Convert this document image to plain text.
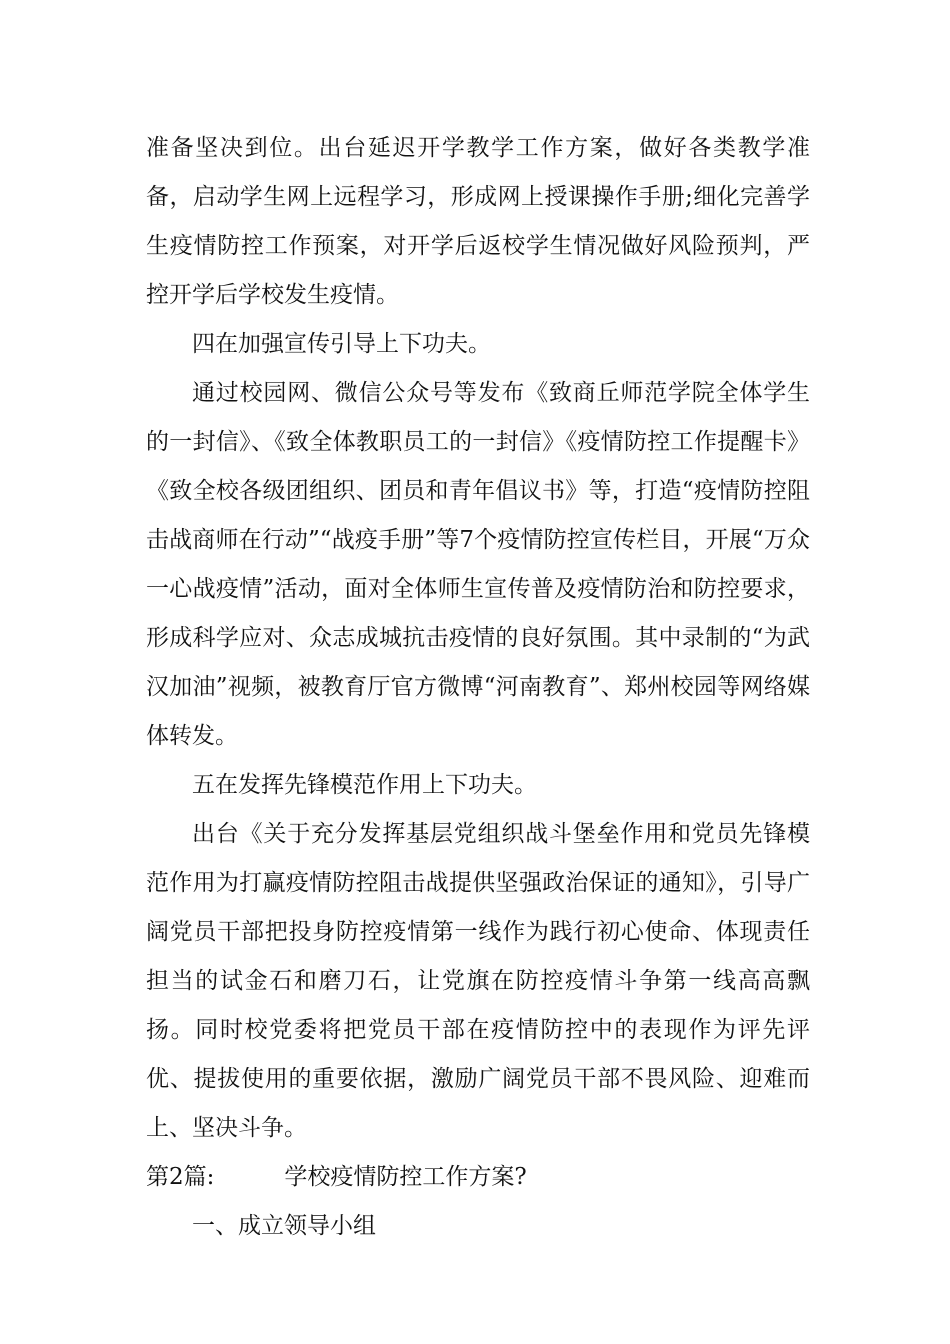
准备坚决到位。出台延迟开学教学工作方案，做好各类教学准备，启动学生网上远程学习，形成网上授课操作手册;细化完善学生疫情防控工作预案，对开学后返校学生情况做好风险预判，严控开学后学校发生疫情。

四在加强宣传引导上下功夫。

通过校园网、微信公众号等发布《致商丘师范学院全体学生的一封信》、《致全体教职员工的一封信》《疫情防控工作提醒卡》《致全校各级团组织、团员和青年倡议书》等，打造“疫情防控阻击战商师在行动”“战疫手册”等7个疫情防控宣传栏目，开展“万众一心战疫情”活动，面对全体师生宣传普及疫情防治和防控要求，形成科学应对、众志成城抗击疫情的良好氛围。其中录制的“为武汉加油”视频，被教育厅官方微博“河南教育”、郑州校园等网络媒体转发。

五在发挥先锋模范作用上下功夫。

出台《关于充分发挥基层党组织战斗堡垒作用和党员先锋模范作用为打赢疫情防控阻击战提供坚强政治保证的通知》，引导广阔党员干部把投身防控疫情第一线作为践行初心使命、体现责任担当的试金石和磨刀石，让党旗在防控疫情斗争第一线高高飘扬。同时校党委将把党员干部在疫情防控中的表现作为评先评优、提拔使用的重要依据，激励广阔党员干部不畏风险、迎难而上、坚决斗争。

第2篇:	学校疫情防控工作方案?

一、成立领导小组
